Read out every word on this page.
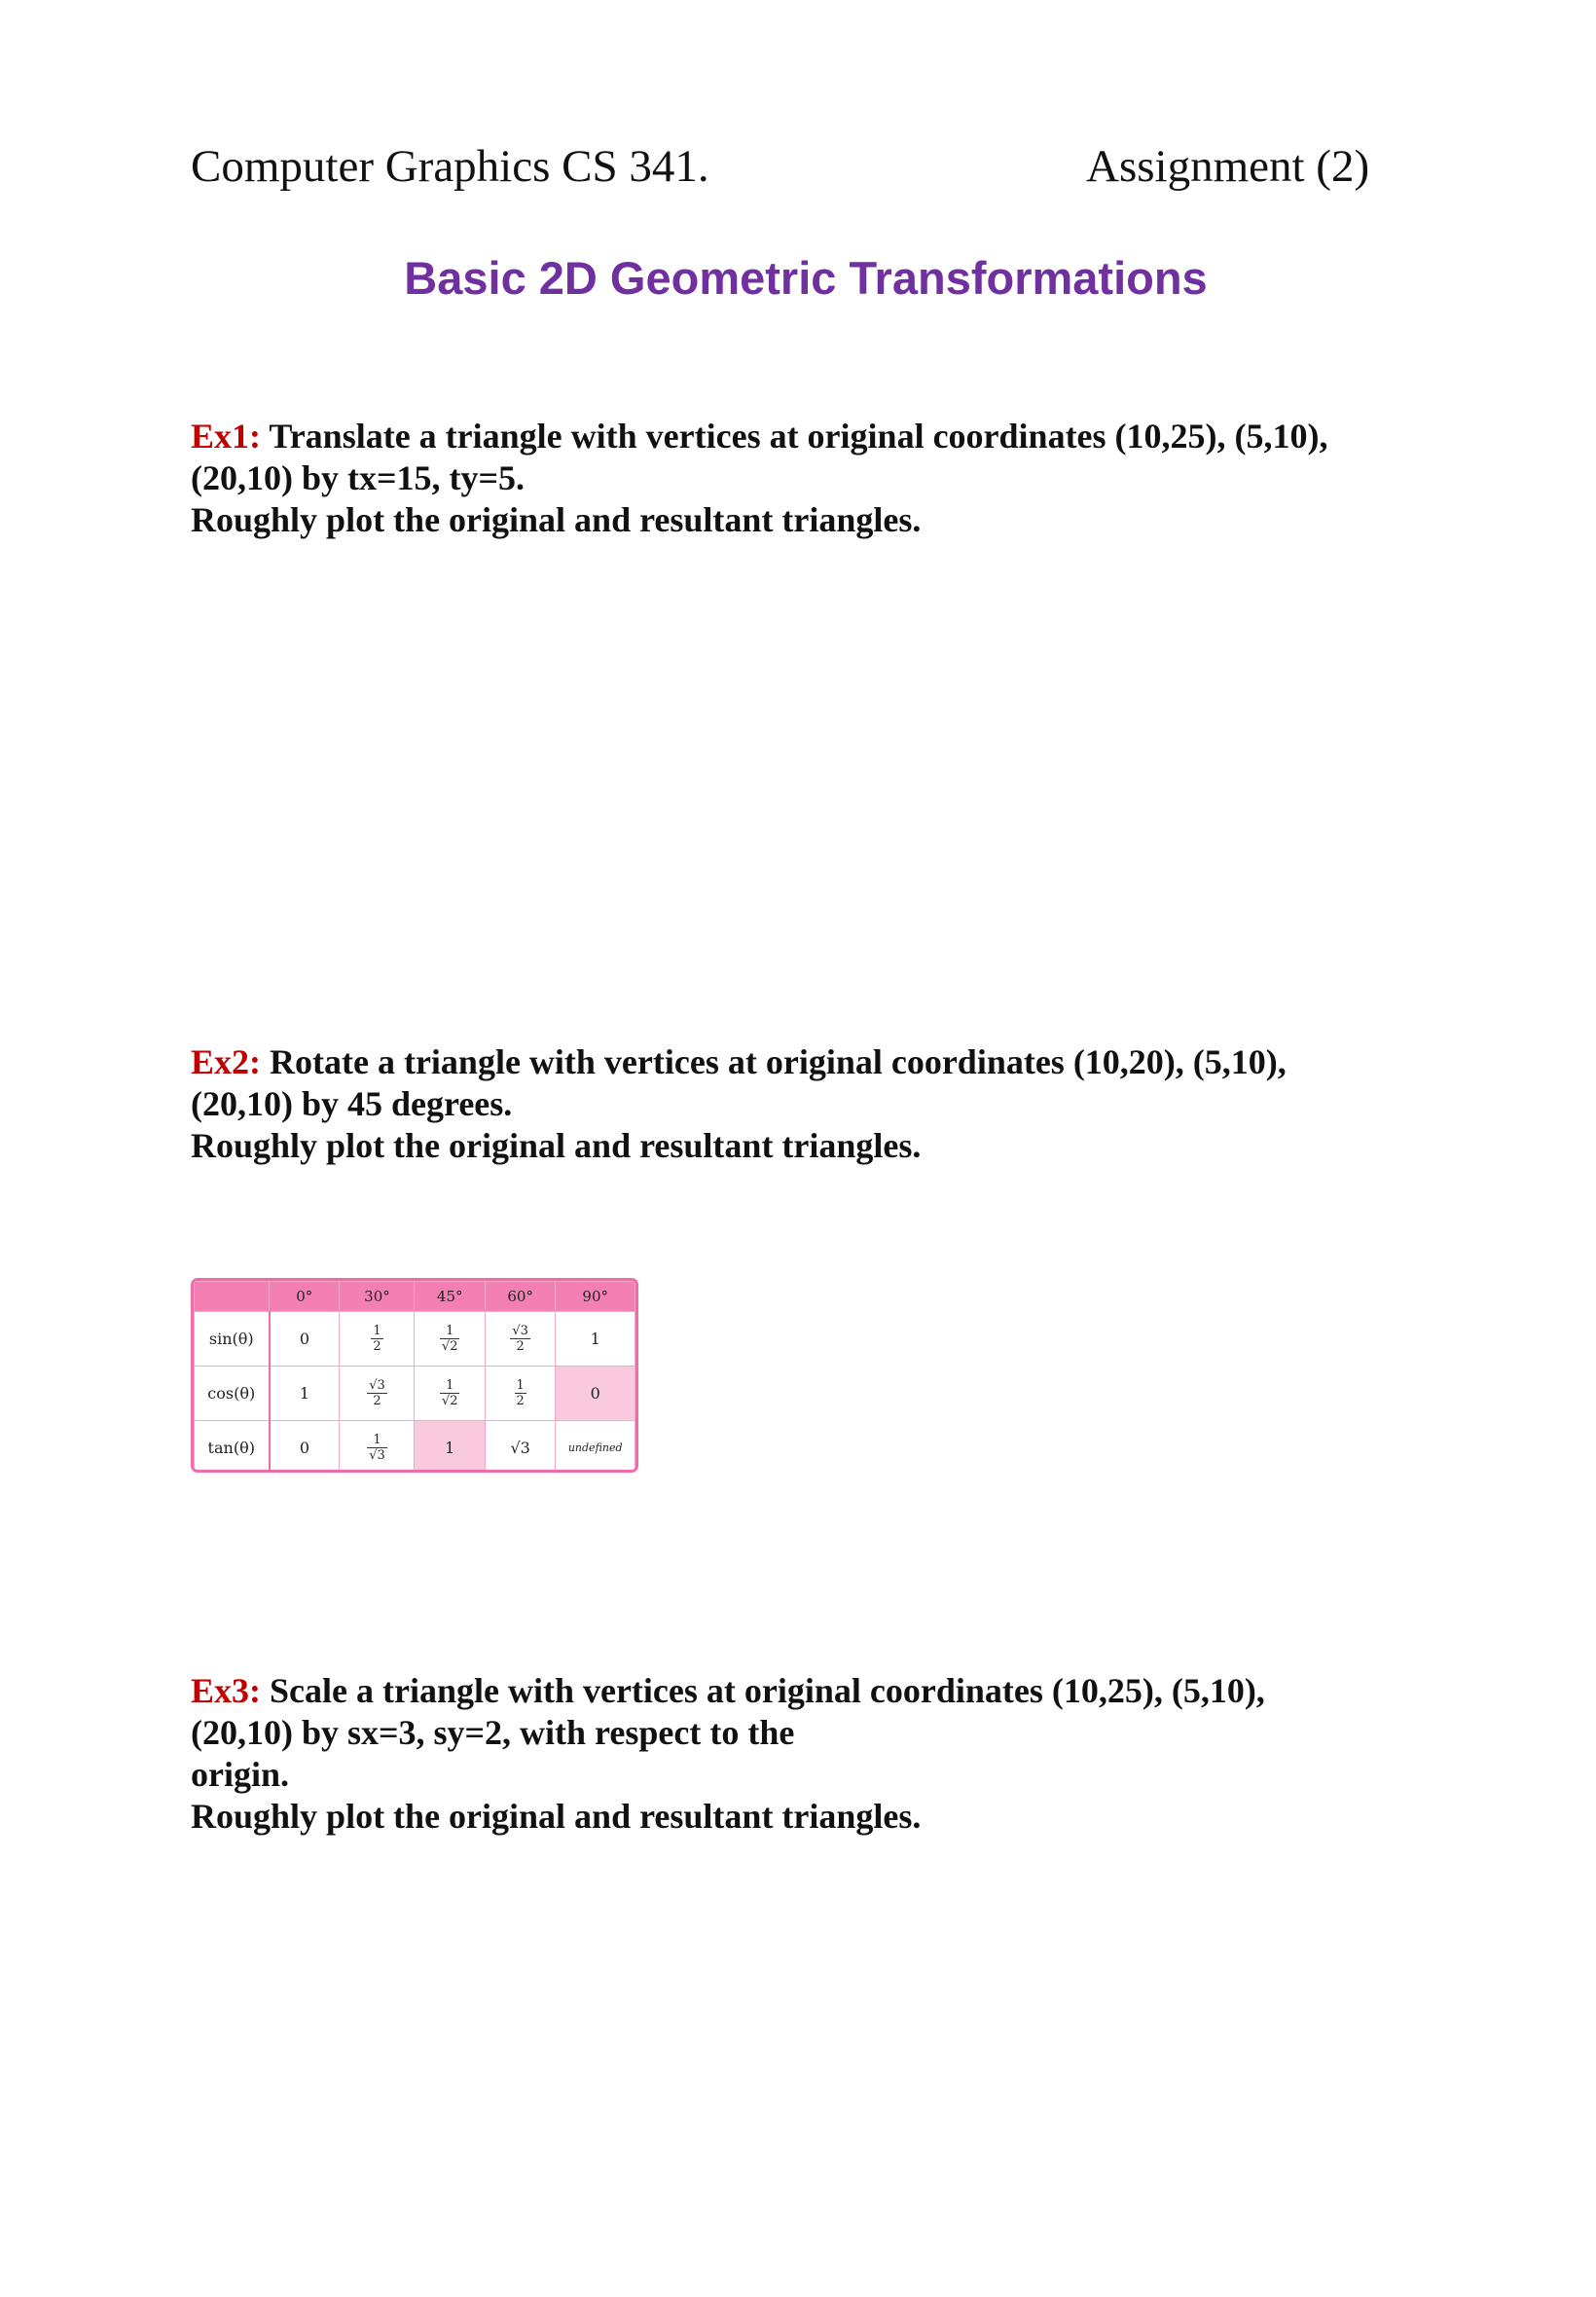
Computer Graphics CS 341.	Assignment (2)
Basic 2D Geometric Transformations
Ex1: Translate a triangle with vertices at original coordinates (10,25), (5,10),
(20,10) by tx=15, ty=5.
Roughly plot the original and resultant triangles.
Ex2: Rotate a triangle with vertices at original coordinates (10,20), (5,10),
(20,10) by 45 degrees.
Roughly plot the original and resultant triangles.
	0°	30°	45°	60°	90°
sin(θ)	0	$\frac{1}{2}$	$\frac{1}{√2}$	$\frac{√3}{2}$	1
cos(θ)	1	$\frac{√3}{2}$	$\frac{1}{√2}$	$\frac{1}{2}$	0
tan(θ)	0	$\frac{1}{√3}$	1	√3	undefined
Ex3: Scale a triangle with vertices at original coordinates (10,25), (5,10),
(20,10) by sx=3, sy=2, with respect to the
origin.
Roughly plot the original and resultant triangles.
